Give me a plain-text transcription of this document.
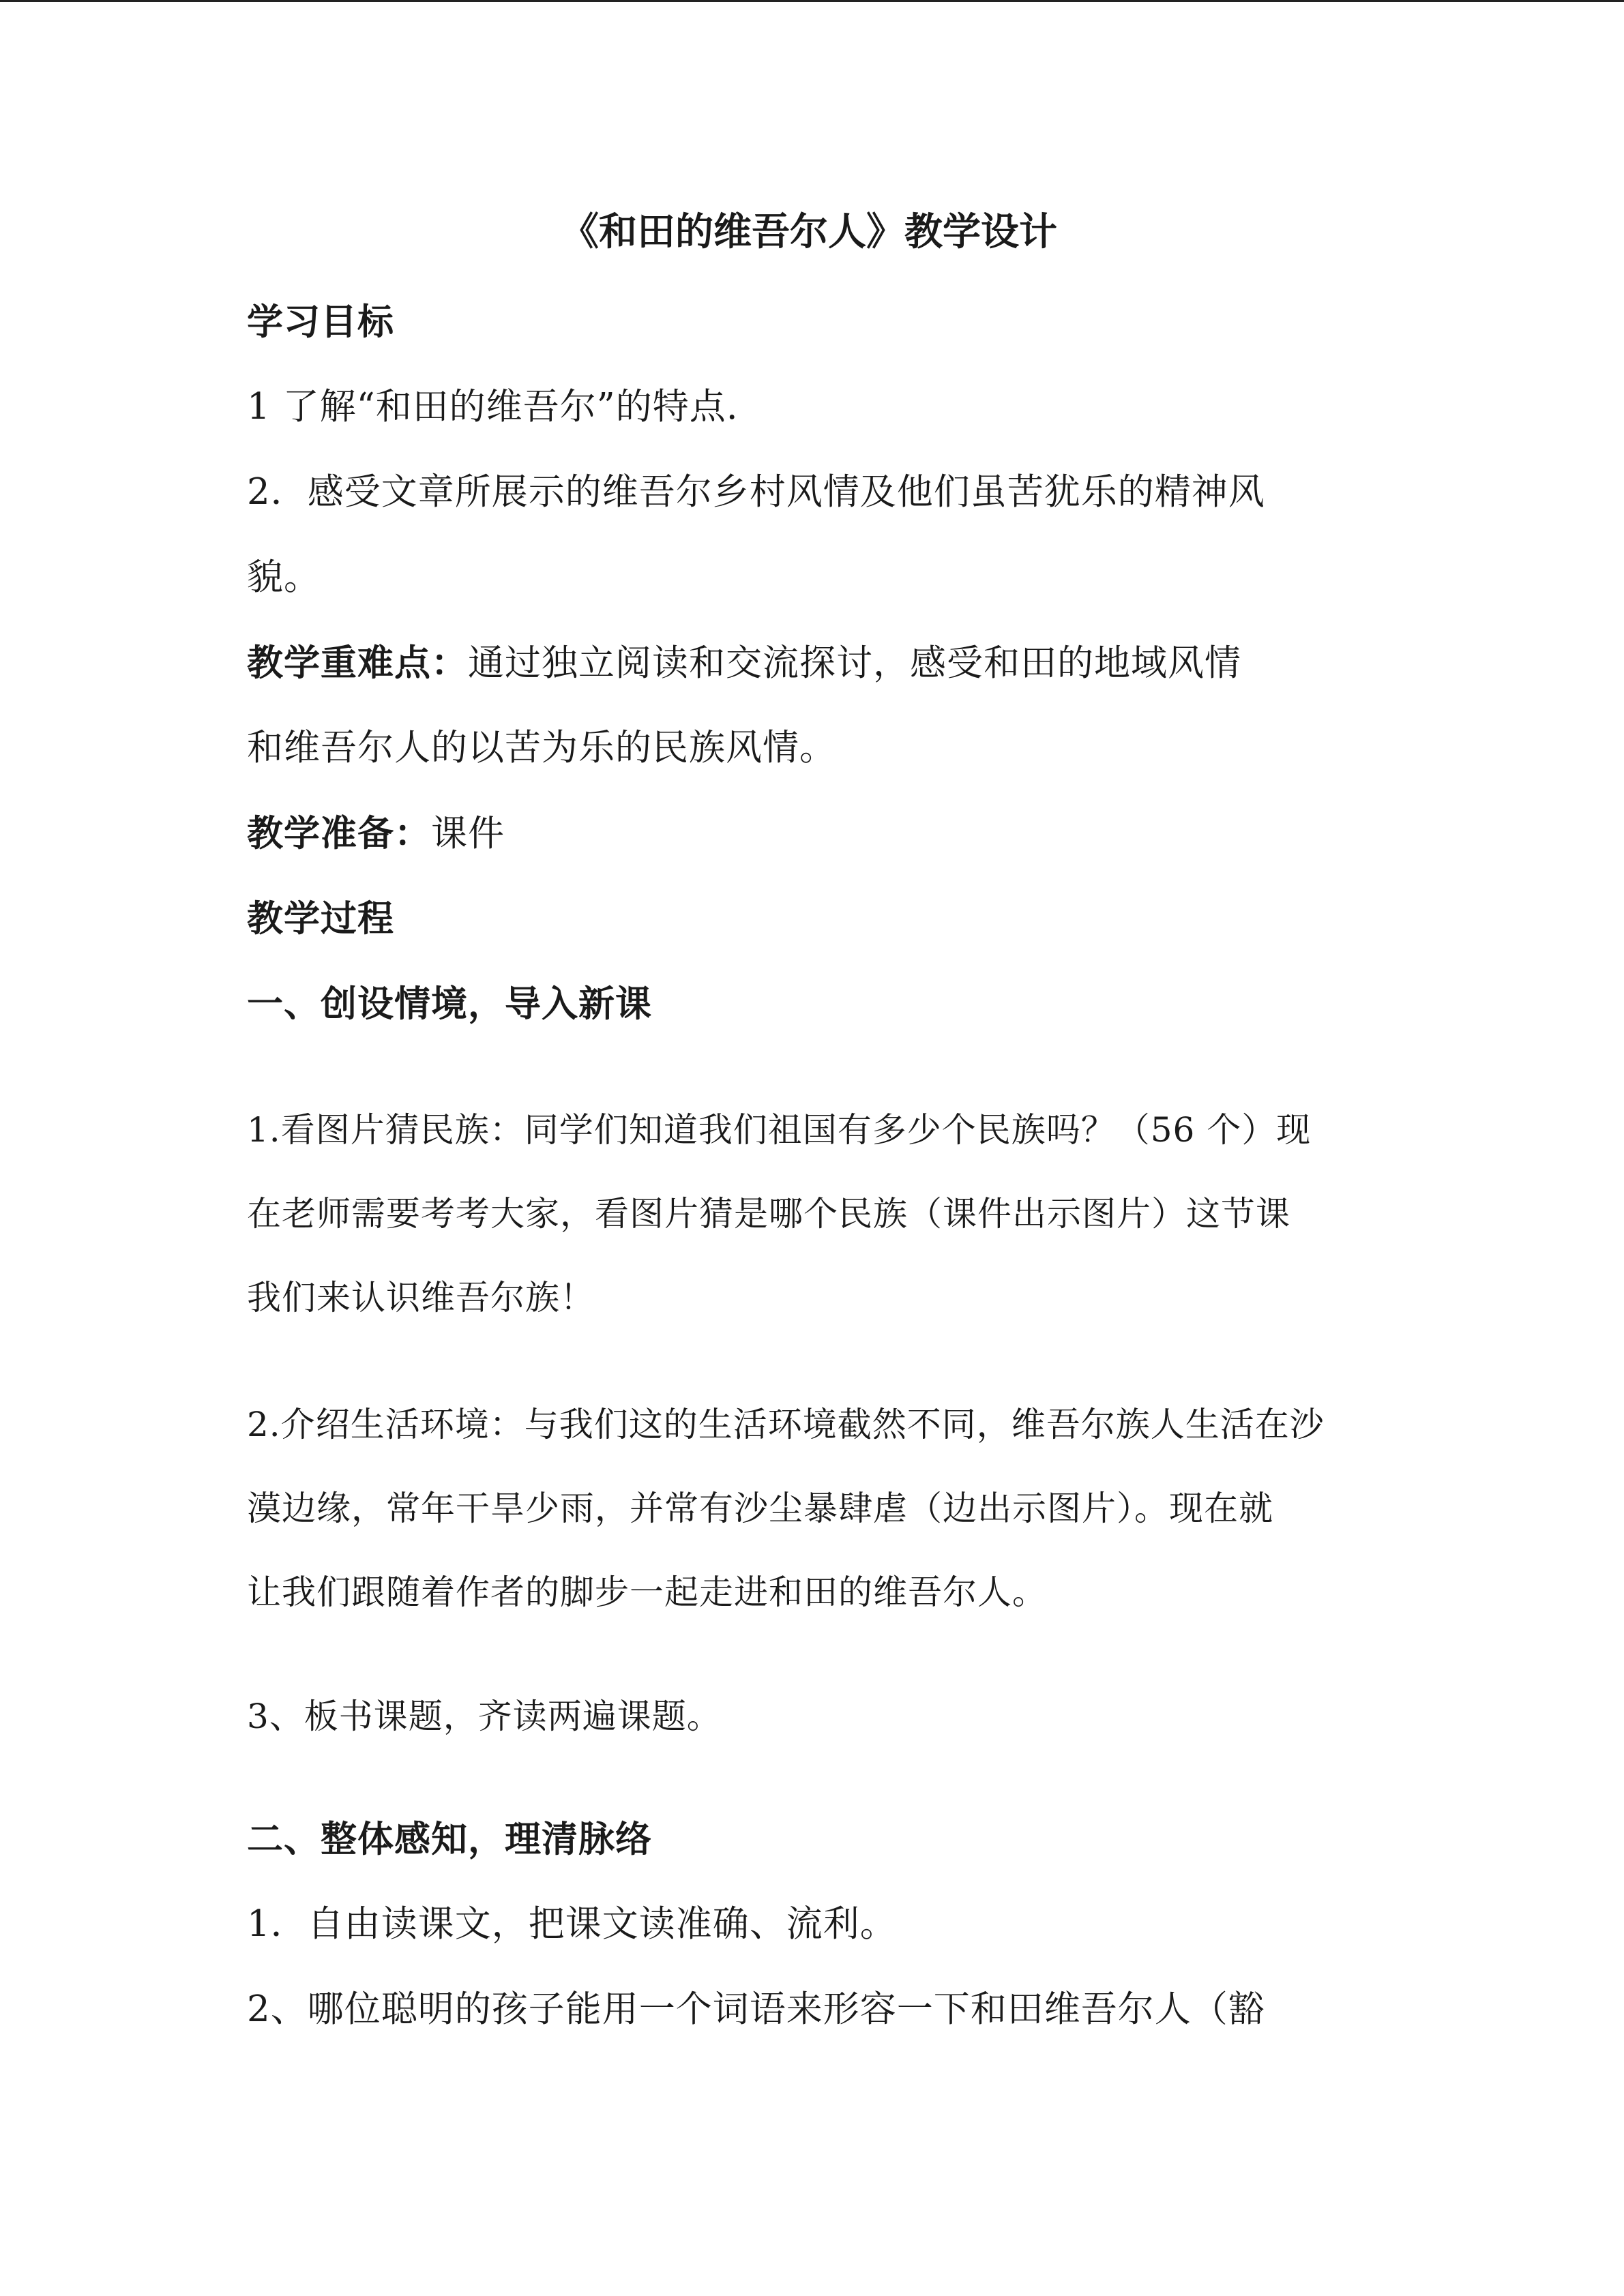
《和田的维吾尔人》教学设计
学习目标
1 了解“和田的维吾尔”的特点.
2．感受文章所展示的维吾尔乡村风情及他们虽苦犹乐的精神风
貌。
教学重难点：通过独立阅读和交流探讨，感受和田的地域风情
和维吾尔人的以苦为乐的民族风情。
教学准备：课件
教学过程
一、创设情境，导入新课
1.看图片猜民族：同学们知道我们祖国有多少个民族吗？（56 个）现
在老师需要考考大家，看图片猜是哪个民族（课件出示图片）这节课
我们来认识维吾尔族！
2.介绍生活环境：与我们这的生活环境截然不同，维吾尔族人生活在沙
漠边缘，常年干旱少雨，并常有沙尘暴肆虐（边出示图片）。现在就
让我们跟随着作者的脚步一起走进和田的维吾尔人。
3、板书课题，齐读两遍课题。
二、整体感知，理清脉络
1．自由读课文，把课文读准确、流利。
2、哪位聪明的孩子能用一个词语来形容一下和田维吾尔人（豁
